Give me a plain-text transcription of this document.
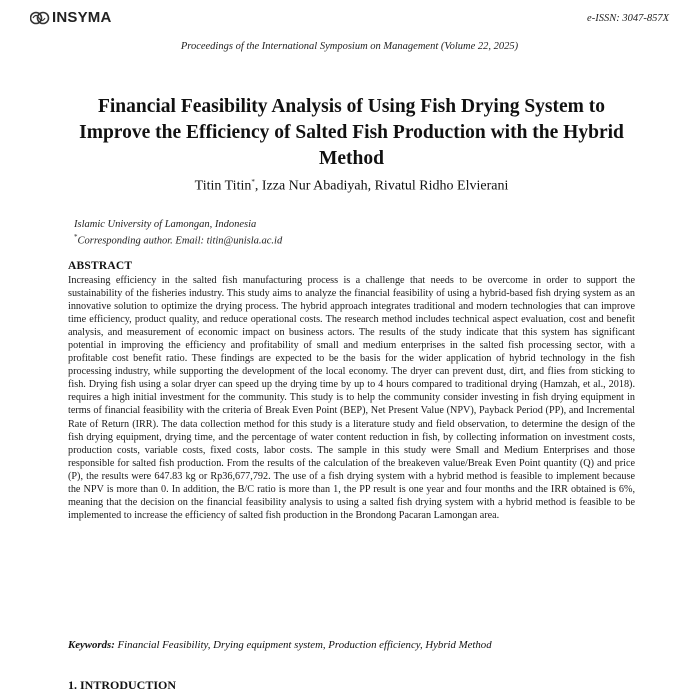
INSYMA	e-ISSN: 3047-857X
Proceedings of the International Symposium on Management (Volume 22, 2025)
Financial Feasibility Analysis of Using Fish Drying System to Improve the Efficiency of Salted Fish Production with the Hybrid Method
Titin Titin*, Izza Nur Abadiyah, Rivatul Ridho Elvierani
Islamic University of Lamongan, Indonesia
*Corresponding author. Email: titin@unisla.ac.id
ABSTRACT
Increasing efficiency in the salted fish manufacturing process is a challenge that needs to be overcome in order to support the sustainability of the fisheries industry. This study aims to analyze the financial feasibility of using a hybrid-based fish drying system as an innovative solution to optimize the drying process. The hybrid approach integrates traditional and modern technologies that can improve time efficiency, product quality, and reduce operational costs. The research method includes technical aspect evaluation, cost and benefit analysis, and measurement of economic impact on business actors. The results of the study indicate that this system has significant potential in improving the efficiency and profitability of small and medium enterprises in the salted fish processing sector, with a profitable cost benefit ratio. These findings are expected to be the basis for the wider application of hybrid technology in the fish processing industry, while supporting the development of the local economy. The dryer can prevent dust, dirt, and flies from sticking to fish. Drying fish using a solar dryer can speed up the drying time by up to 4 hours compared to traditional drying (Hamzah, et al., 2018). requires a high initial investment for the community. This study is to help the community consider investing in fish drying equipment in terms of financial feasibility with the criteria of Break Even Point (BEP), Net Present Value (NPV), Payback Period (PP), and Incremental Rate of Return (IRR). The data collection method for this study is a literature study and field observation, to determine the design of the fish drying equipment, drying time, and the percentage of water content reduction in fish, by collecting information on investment costs, production costs, variable costs, fixed costs, labor costs. The sample in this study were Small and Medium Enterprises and those responsible for salted fish production. From the results of the calculation of the breakeven value/Break Even Point quantity (Q) and price (P), the results were 647.83 kg or Rp36,677,792. The use of a fish drying system with a hybrid method is feasible to implement because the NPV is more than 0. In addition, the B/C ratio is more than 1, the PP result is one year and four months and the IRR obtained is 6%, meaning that the decision on the financial feasibility analysis to using a salted fish drying system with a hybrid method is feasible to be implemented to increase the efficiency of salted fish production in the Brondong Pacaran Lamongan area.
Keywords: Financial Feasibility, Drying equipment system, Production efficiency, Hybrid Method
1. INTRODUCTION
